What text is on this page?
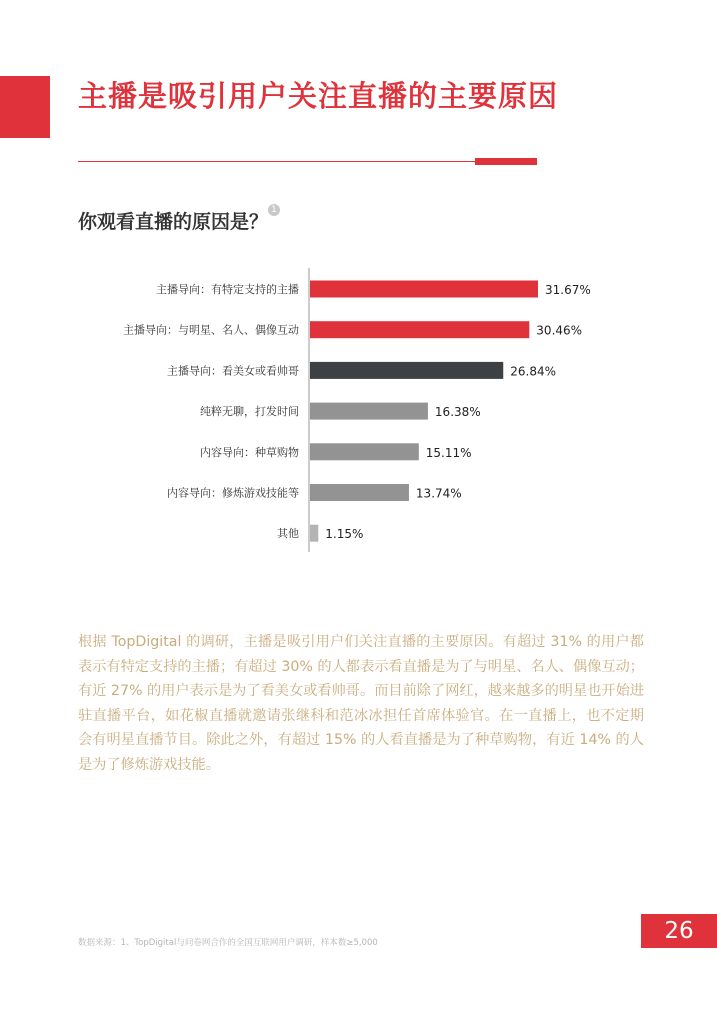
主播是吸引用户关注直播的主要原因
你观看直播的原因是？
1
主播导向：有特定支持的主播	31.67%
主播导向：与明星、名人、偶像互动	30.46%
主播导向：看美女或看帅哥	26.84%
纯粹无聊，打发时间	16.38%
内容导向：种草购物	15.11%
内容导向：修炼游戏技能等	13.74%
其他 1.15%

根据 TopDigital 的调研，主播是吸引用户们关注直播的主要原因。有超过 31% 的用户都表示有特定支持的主播；有超过 30% 的人都表示看直播是为了与明星、名人、偶像互动；有近 27% 的用户表示是为了看美女或看帅哥。而目前除了网红，越来越多的明星也开始进驻直播平台，如花椒直播就邀请张继科和范冰冰担任首席体验官。在一直播上，也不定期会有明星直播节目。除此之外，有超过 15% 的人看直播是为了种草购物，有近 14% 的人是为了修炼游戏技能。

数据来源：1、TopDigital与问卷网合作的全国互联网用户调研，样本数≥5,000	26
